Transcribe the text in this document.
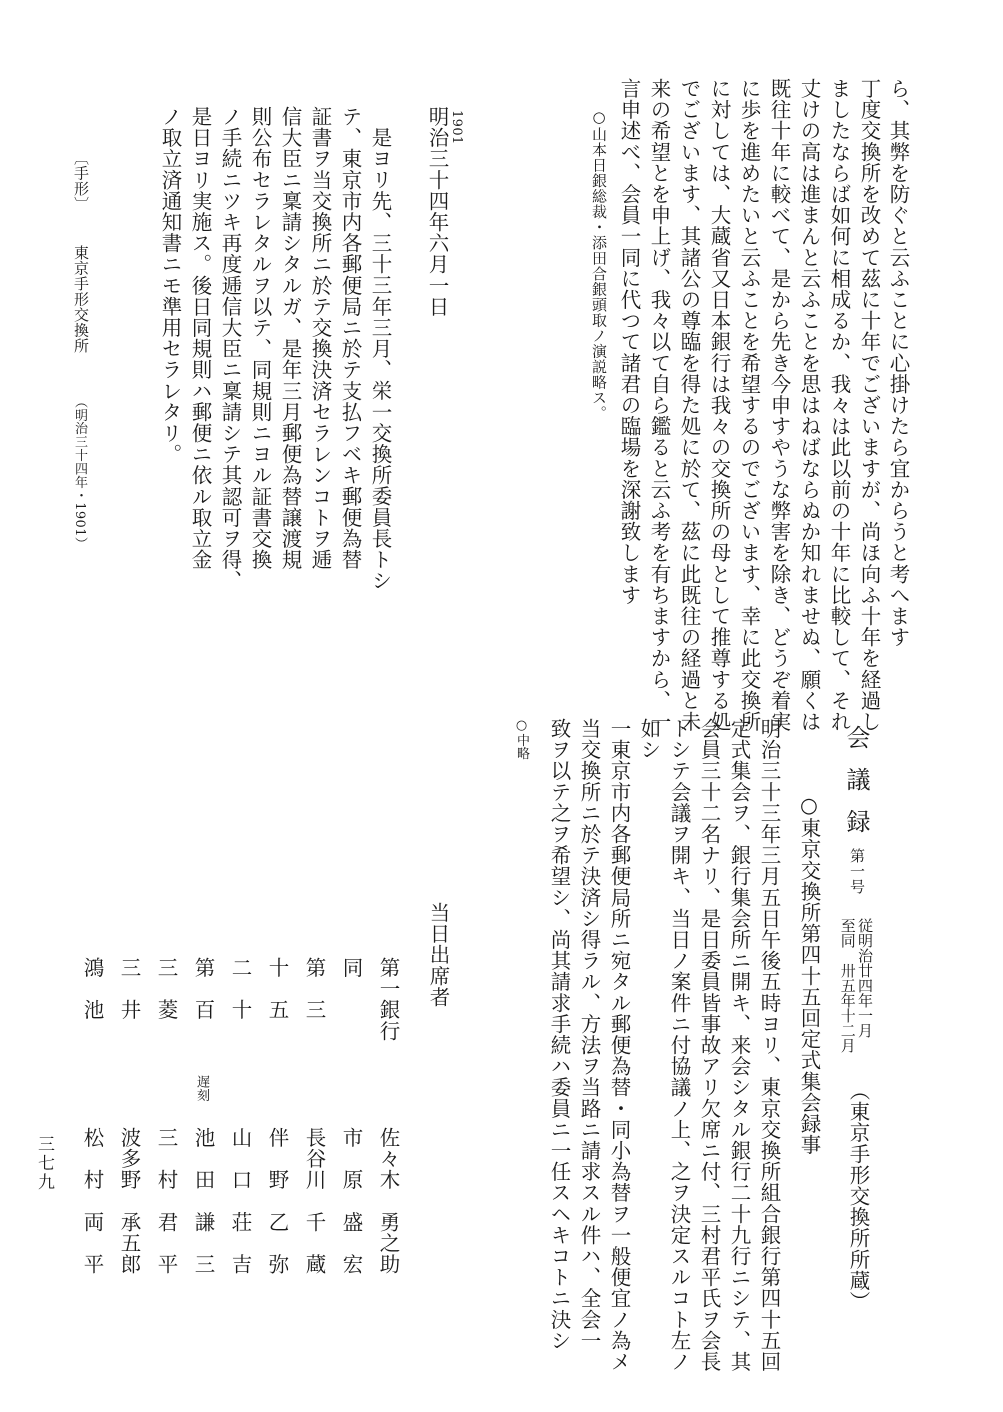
ら、其弊を防ぐと云ふことに心掛けたら宜からうと考へます
丁度交換所を改めて茲に十年でございますが、尚ほ向ふ十年を経過し
ましたならば如何に相成るか、我々は此以前の十年に比較して、それ
丈けの高は進まんと云ふことを思はねばならぬか知れませぬ、願くは
既往十年に較べて、是から先き今申すやうな弊害を除き、どうぞ着実
に歩を進めたいと云ふことを希望するのでございます、幸に此交換所
に対しては、大蔵省又日本銀行は我々の交換所の母として推尊する処
でございます、其諸公の尊臨を得た処に於て、茲に此既往の経過と未
来の希望とを申上げ、我々以て自ら鑑ると云ふ考を有ちますから、一
言申述べ、会員一同に代つて諸君の臨場を深謝致します
○山本日銀総裁・添田合銀頭取ノ演説略ス。
1901
明治三十四年六月一日
是ヨリ先、三十三年三月、栄一交換所委員長トシ
テ、東京市内各郵便局ニ於テ支払フベキ郵便為替
証書ヲ当交換所ニ於テ交換決済セラレンコトヲ逓
信大臣ニ稟請シタルガ、是年三月郵便為替譲渡規
則公布セラレタルヲ以テ、同規則ニヨル証書交換
ノ手続ニツキ再度逓信大臣ニ稟請シテ其認可ヲ得、
是日ヨリ実施ス。後日同規則ハ郵便ニ依ル取立金
ノ取立済通知書ニモ準用セラレタリ。
〔手形〕
東京手形交換所
（明治三十四年・1901）
会議録
第一号
従明治廿四年一月
至同　卅五年十二月
（東京手形交換所所蔵）
○東京交換所第四十五回定式集会録事
明治三十三年三月五日午後五時ヨリ、東京交換所組合銀行第四十五回
定式集会ヲ、銀行集会所ニ開キ、来会シタル銀行二十九行ニシテ、其
会員三十二名ナリ、是日委員皆事故アリ欠席ニ付、三村君平氏ヲ会長
トシテ会議ヲ開キ、当日ノ案件ニ付協議ノ上、之ヲ決定スルコト左ノ
如シ
一東京市内各郵便局所ニ宛タル郵便為替・同小為替ヲ一般便宜ノ為メ
当交換所ニ於テ決済シ得ラル、方法ヲ当路ニ請求スル件ハ、全会一
致ヲ以テ之ヲ希望シ、尚其請求手続ハ委員ニ一任スヘキコトニ決シ
○中略
当日出席者
第一銀行
佐々木　勇之助
同
市　原　盛　宏
第　三
長谷川　千　蔵
十　五
伴　野　乙　弥
二　十
山　口　荘　吉
第　百
遅刻
池　田　謙　三
三　菱
三　村　君　平
三　井
波多野　承五郎
鴻　池
松　村　両　平
三七九
